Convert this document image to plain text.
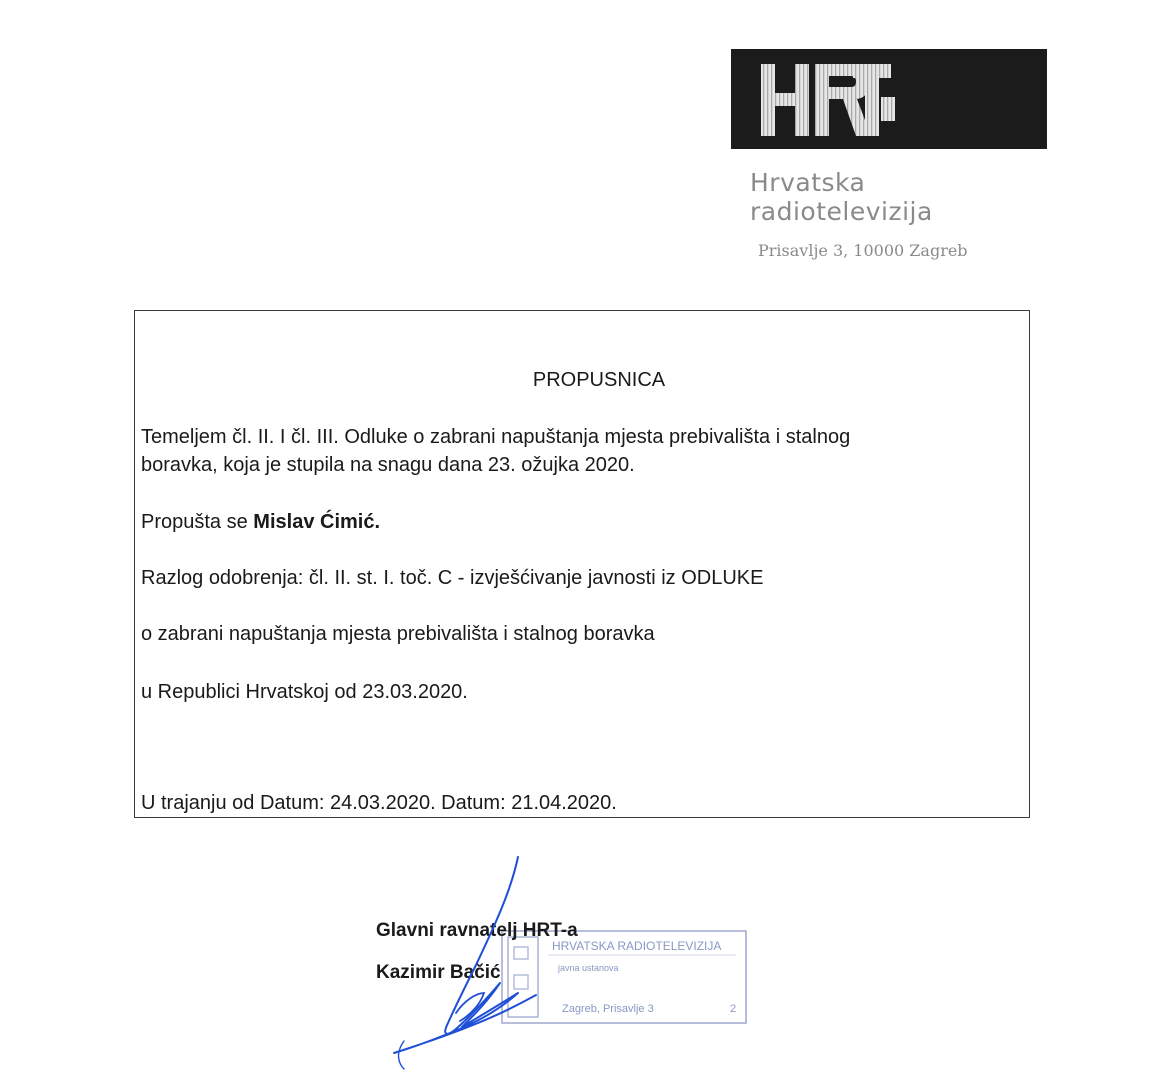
Hrvatska
radiotelevizija
Prisavlje 3, 10000 Zagreb
PROPUSNICA
Temeljem čl. II. I čl. III. Odluke o zabrani napuštanja mjesta prebivališta i stalnog
boravka, koja je stupila na snagu dana 23. ožujka 2020.
Propušta se Mislav Ćimić.
Razlog odobrenja: čl. II. st. I. toč. C - izvješćivanje javnosti iz ODLUKE
o zabrani napuštanja mjesta prebivališta i stalnog boravka
u Republici Hrvatskoj od 23.03.2020.
U trajanju od Datum: 24.03.2020. Datum: 21.04.2020.
HRVATSKA RADIOTELEVIZIJA
javna ustanova
Zagreb, Prisavlje 3	2
Glavni ravnatelj HRT-a
Kazimir Bačić
